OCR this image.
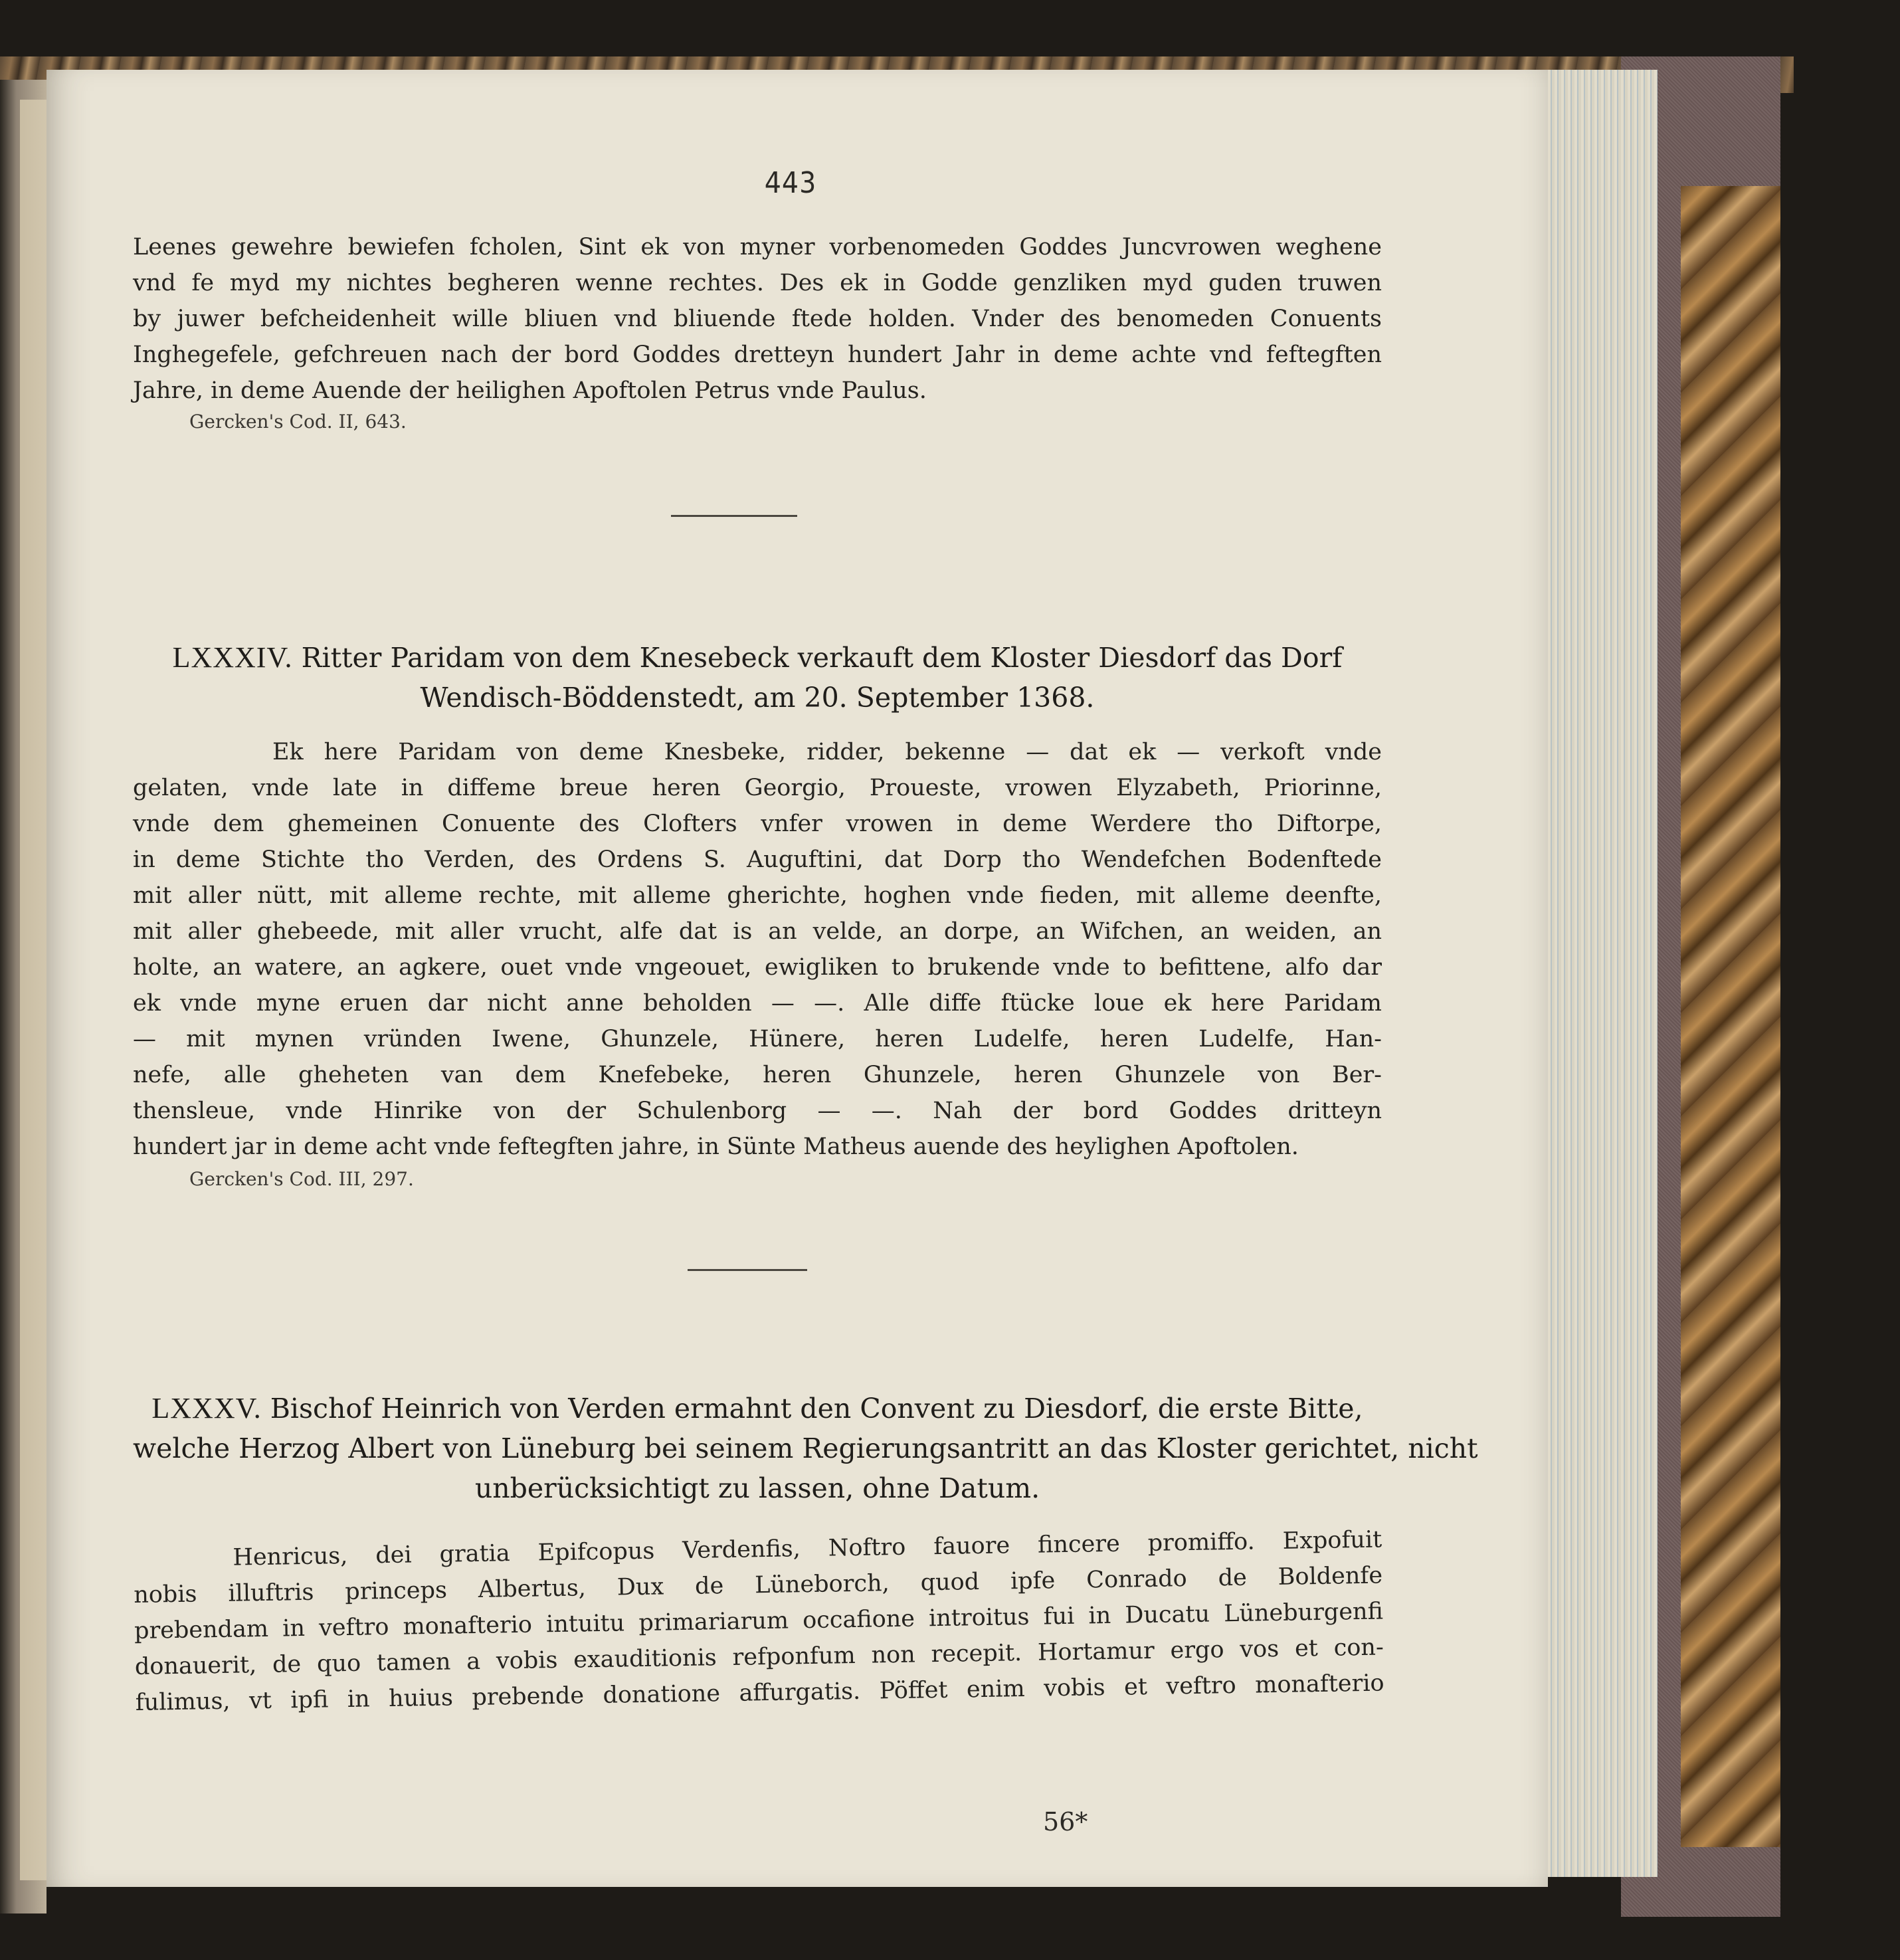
443
Leenes gewehre bewiefen fcholen, Sint ek von myner vorbenomeden Goddes Juncvrowen weghene
vnd fe myd my nichtes begheren wenne rechtes. Des ek in Godde genzliken myd guden truwen
by juwer befcheidenheit wille bliuen vnd bliuende ftede holden. Vnder des benomeden Conuents
Inghegefele, gefchreuen nach der bord Goddes dretteyn hundert Jahr in deme achte vnd feftegften
Jahre, in deme Auende der heilighen Apoftolen Petrus vnde Paulus.
Gercken's Cod. II, 643.
LXXXIV. Ritter Paridam von dem Knesebeck verkauft dem Kloster Diesdorf das Dorf
Wendisch-Böddenstedt, am 20. September 1368.
Ek here Paridam von deme Knesbeke, ridder, bekenne — dat ek — verkoft vnde
gelaten, vnde late in diffeme breue heren Georgio, Proueste, vrowen Elyzabeth, Priorinne,
vnde dem ghemeinen Conuente des Clofters vnfer vrowen in deme Werdere tho Diftorpe,
in deme Stichte tho Verden, des Ordens S. Auguftini, dat Dorp tho Wendefchen Bodenftede
mit aller nütt, mit alleme rechte, mit alleme gherichte, hoghen vnde fieden, mit alleme deenfte,
mit aller ghebeede, mit aller vrucht, alfe dat is an velde, an dorpe, an Wifchen, an weiden, an
holte, an watere, an agkere, ouet vnde vngeouet, ewigliken to brukende vnde to befittene, alfo dar
ek vnde myne eruen dar nicht anne beholden — —. Alle diffe ftücke loue ek here Paridam
— mit mynen vründen Iwene, Ghunzele, Hünere, heren Ludelfe, heren Ludelfe, Han-
nefe, alle gheheten van dem Knefebeke, heren Ghunzele, heren Ghunzele von Ber-
thensleue, vnde Hinrike von der Schulenborg — —. Nah der bord Goddes dritteyn
hundert jar in deme acht vnde feftegften jahre, in Sünte Matheus auende des heylighen Apoftolen.
Gercken's Cod. III, 297.
LXXXV. Bischof Heinrich von Verden ermahnt den Convent zu Diesdorf, die erste Bitte,
welche Herzog Albert von Lüneburg bei seinem Regierungsantritt an das Kloster gerichtet, nicht
unberücksichtigt zu lassen, ohne Datum.
Henricus, dei gratia Epifcopus Verdenfis, Noftro fauore fincere promiffo. Expofuit
nobis illuftris princeps Albertus, Dux de Lüneborch, quod ipfe Conrado de Boldenfe
prebendam in veftro monafterio intuitu primariarum occafione introitus fui in Ducatu Lüneburgenfi
donauerit, de quo tamen a vobis exauditionis refponfum non recepit. Hortamur ergo vos et con-
fulimus, vt ipfi in huius prebende donatione affurgatis. Pöffet enim vobis et veftro monafterio
56*
